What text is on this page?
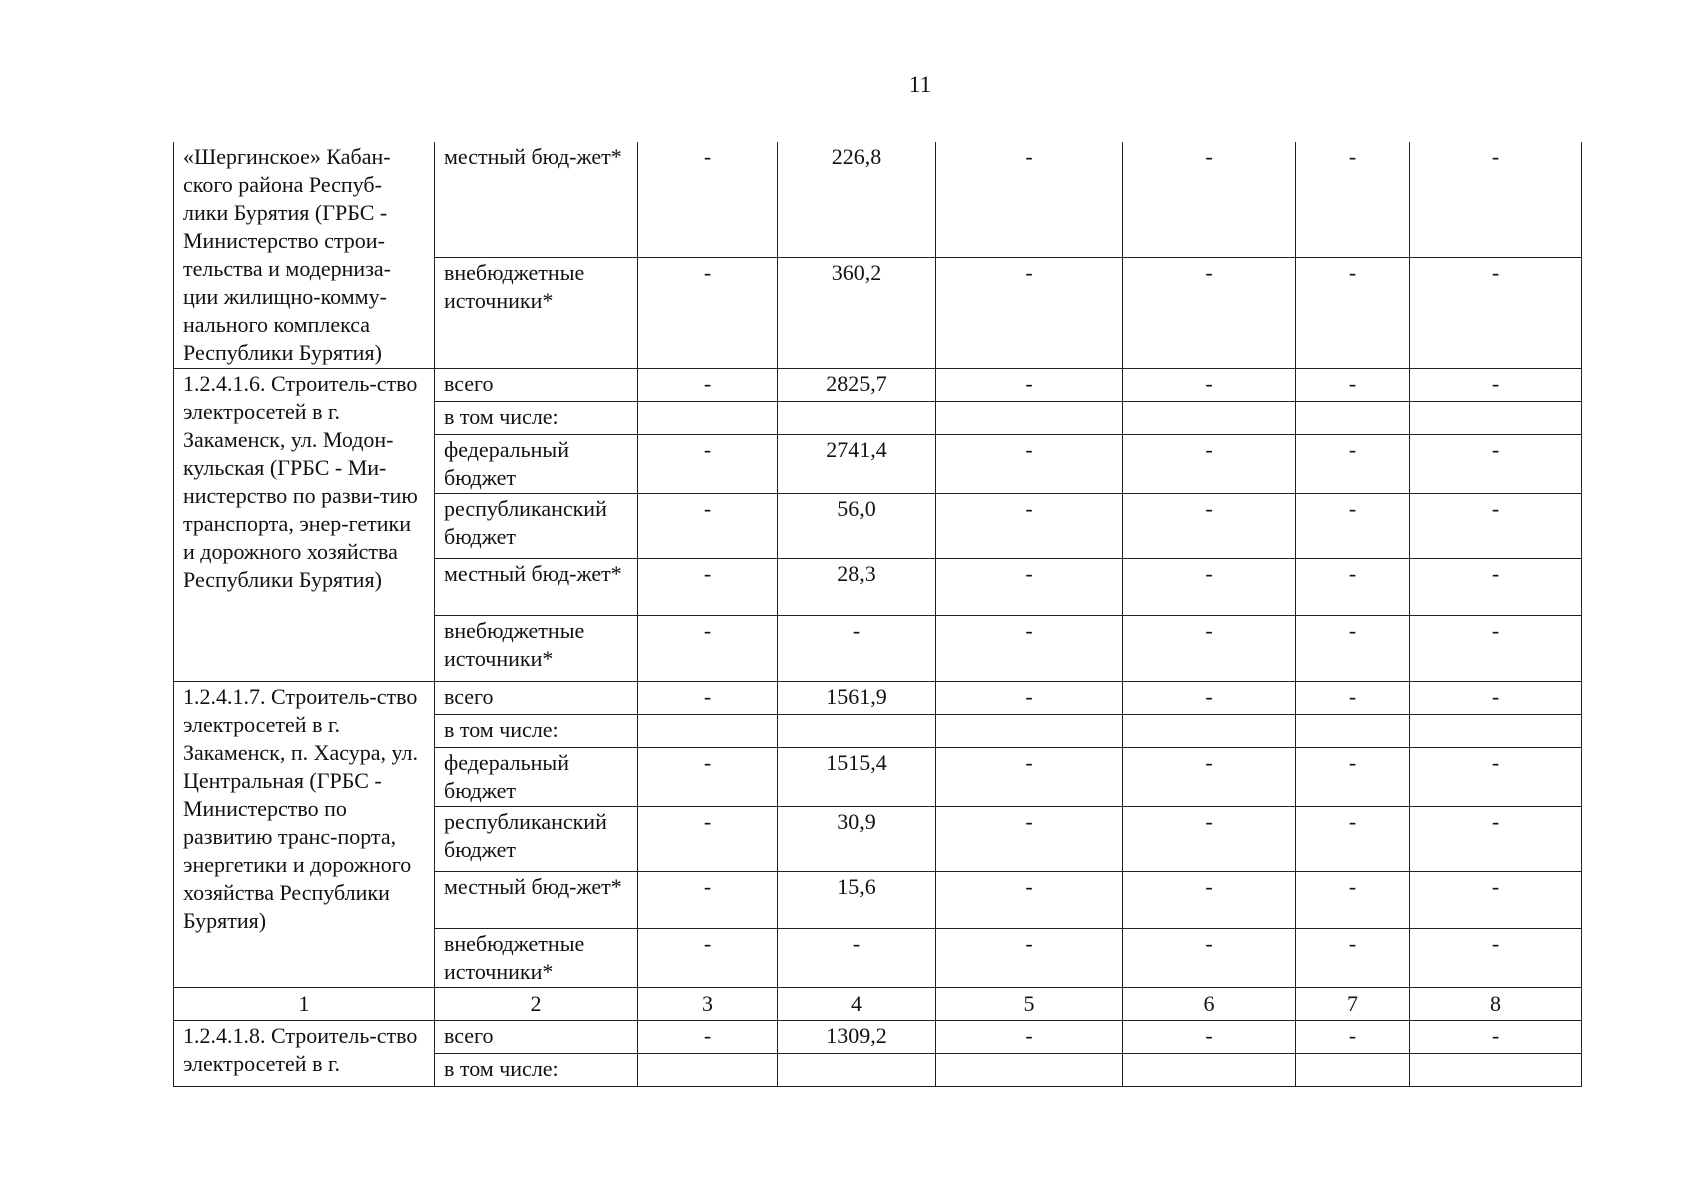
11
«Шергинское» Кабан-ского района Респуб-лики Бурятия (ГРБС - Министерство строи-тельства и модерниза-ции жилищно-комму-нального комплекса Республики Бурятия)	местный бюд-жет*	-	226,8	-	-	-	-
	внебюджетные источники*	-	360,2	-	-	-	-
1.2.4.1.6. Строитель-ство электросетей в г. Закаменск, ул. Модон-кульская (ГРБС - Ми-нистерство по разви-тию транспорта, энер-гетики и дорожного хозяйства Республики Бурятия)	всего	-	2825,7	-	-	-	-
	в том числе:						
	федеральный бюджет	-	2741,4	-	-	-	-
	республиканский бюджет	-	56,0	-	-	-	-
	местный бюд-жет*	-	28,3	-	-	-	-
	внебюджетные источники*	-	-	-	-	-	-
1.2.4.1.7. Строитель-ство электросетей в г. Закаменск, п. Хасура, ул. Центральная (ГРБС - Министерство по развитию транс-порта, энергетики и дорожного хозяйства Республики Бурятия)	всего	-	1561,9	-	-	-	-
	в том числе:						
	федеральный бюджет	-	1515,4	-	-	-	-
	республиканский бюджет	-	30,9	-	-	-	-
	местный бюд-жет*	-	15,6	-	-	-	-
	внебюджетные источники*	-	-	-	-	-	-
1	2	3	4	5	6	7	8
1.2.4.1.8. Строитель-ство электросетей в г.	всего	-	1309,2	-	-	-	-
	в том числе:						
